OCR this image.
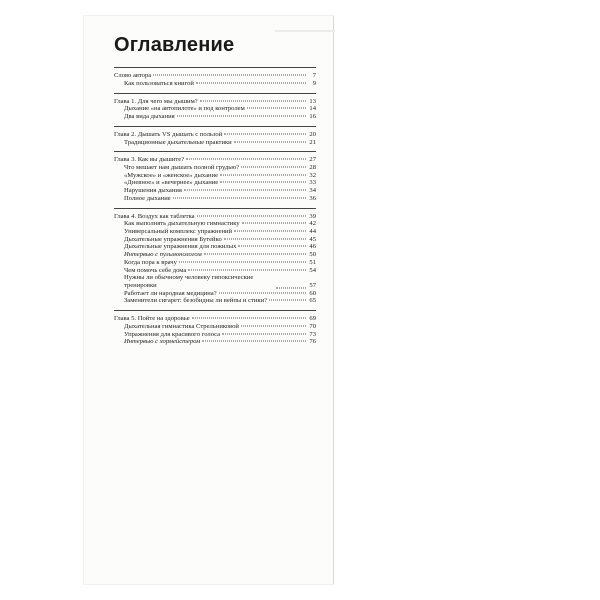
Оглавление
Слово автора	7
Как пользоваться книгой	9
Глава 1. Для чего мы дышим?	13
Дыхание «на автопилоте» и под контролем	14
Два вида дыхания	16
Глава 2. Дышать VS дышать с пользой	20
Традиционные дыхательные практики	21
Глава 3. Как вы дышите?	27
Что мешает нам дышать полной грудью?	28
«Мужское» и «женское» дыхание	32
«Дневное» и «вечернее» дыхание	33
Нарушения дыхания	34
Полное дыхание	36
Глава 4. Воздух как таблетка	39
Как выполнять дыхательную гимнастику	42
Универсальный комплекс упражнений	44
Дыхательные упражнения Бутейко	45
Дыхательные упражнения для пожилых	46
Интервью с пульмонологом	50
Когда пора к врачу	51
Чем помочь себе дома	54
Нужны ли обычному человеку гипоксические тренировки	57
Работает ли народная медицина?	60
Заменители сигарет: безобидны ли вейпы и стики?	65
Глава 5. Пойте на здоровье	69
Дыхательная гимнастика Стрельниковой	70
Упражнения для красивого голоса	73
Интервью с хормейстером	76
